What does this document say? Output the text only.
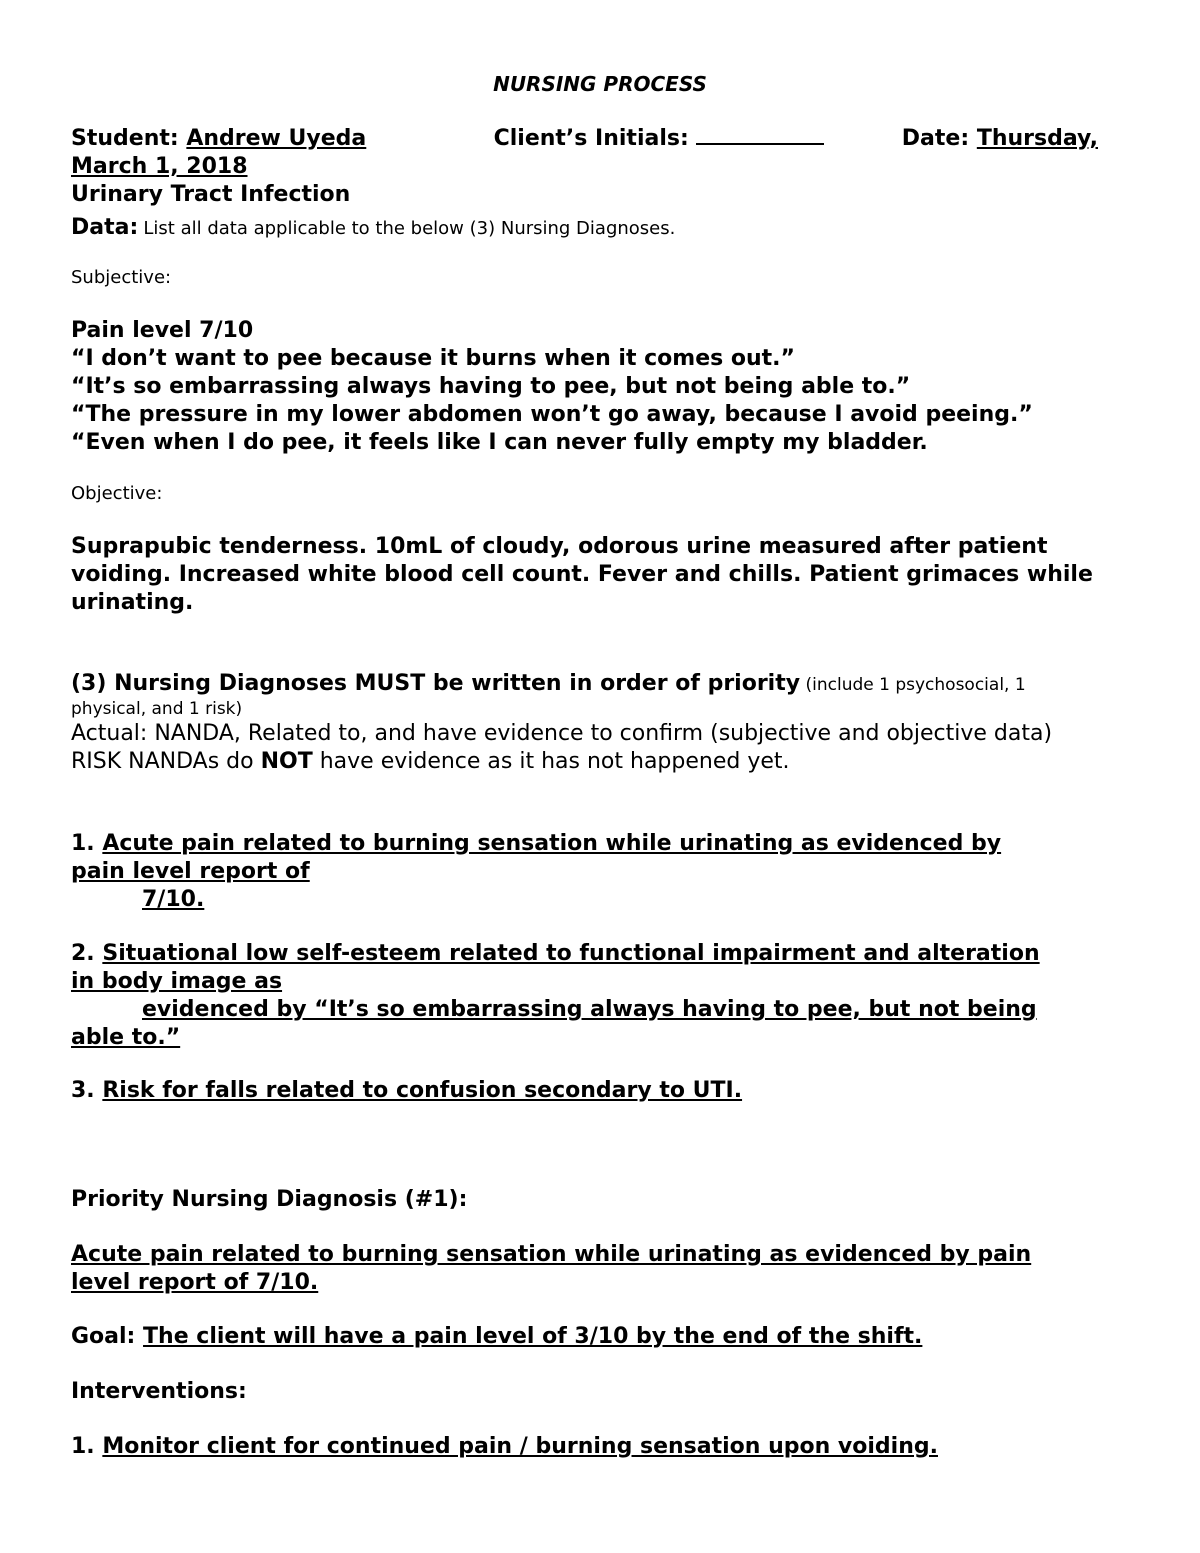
NURSING PROCESS
Student: Andrew Uyeda	Client’s Initials:	Date: Thursday,
March 1, 2018
Urinary Tract Infection
Data: List all data applicable to the below (3) Nursing Diagnoses.
Subjective:
Pain level 7/10
“I don’t want to pee because it burns when it comes out.”
“It’s so embarrassing always having to pee, but not being able to.”
“The pressure in my lower abdomen won’t go away, because I avoid peeing.”
“Even when I do pee, it feels like I can never fully empty my bladder.
Objective:
Suprapubic tenderness. 10mL of cloudy, odorous urine measured after patient voiding. Increased white blood cell count. Fever and chills. Patient grimaces while urinating.
(3) Nursing Diagnoses MUST be written in order of priority (include 1 psychosocial, 1
physical, and 1 risk)
Actual: NANDA, Related to, and have evidence to confirm (subjective and objective data)
RISK NANDAs do NOT have evidence as it has not happened yet.
1. Acute pain related to burning sensation while urinating as evidenced by
pain level report of
7/10.
2. Situational low self-esteem related to functional impairment and alteration
in body image as
evidenced by “It’s so embarrassing always having to pee, but not being
able to.”
3. Risk for falls related to confusion secondary to UTI.
Priority Nursing Diagnosis (#1):
Acute pain related to burning sensation while urinating as evidenced by pain
level report of 7/10.
Goal: The client will have a pain level of 3/10 by the end of the shift.
Interventions:
1. Monitor client for continued pain / burning sensation upon voiding.
